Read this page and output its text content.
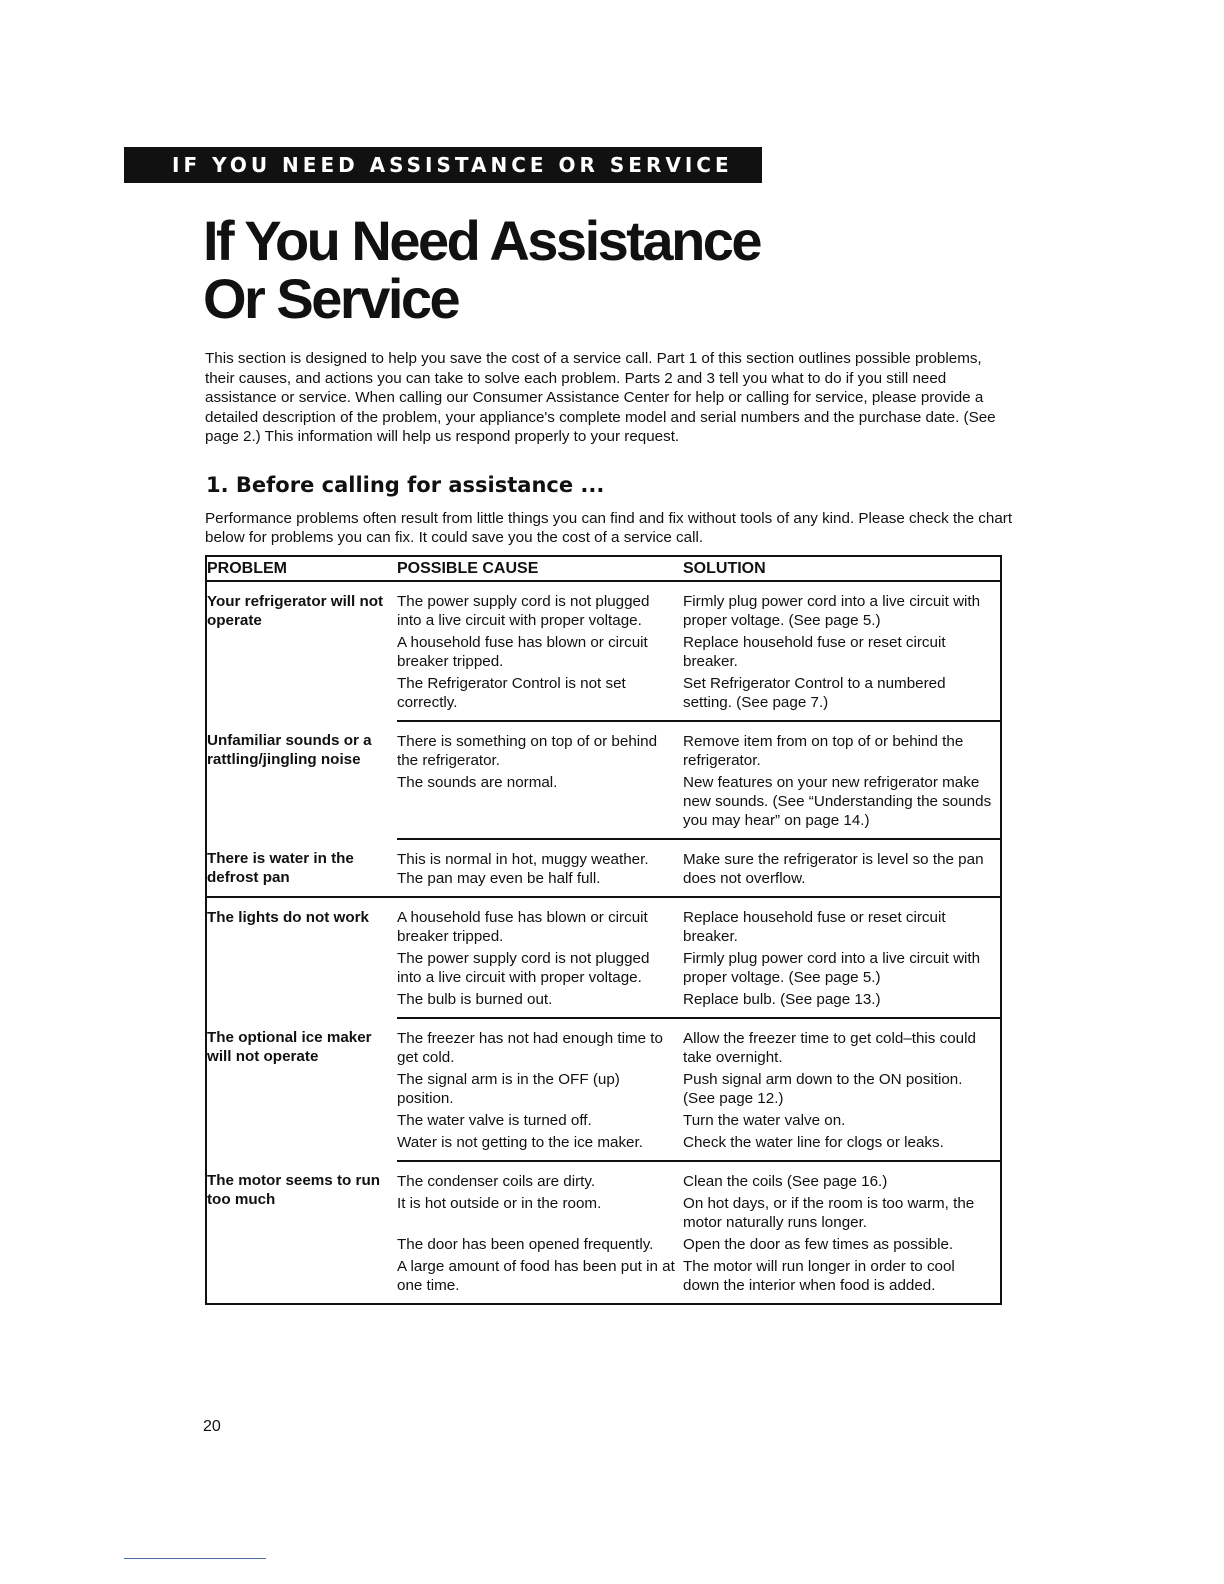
IF YOU NEED ASSISTANCE OR SERVICE
If You Need Assistance
Or Service

This section is designed to help you save the cost of a service call. Part 1 of this section outlines possible problems, their causes, and actions you can take to solve each problem. Parts 2 and 3 tell you what to do if you still need assistance or service. When calling our Consumer Assistance Center for help or calling for service, please provide a detailed description of the problem, your appliance's complete model and serial numbers and the purchase date. (See page 2.) This information will help us respond properly to your request.

1. Before calling for assistance ...

Performance problems often result from little things you can find and fix without tools of any kind. Please check the chart below for problems you can fix. It could save you the cost of a service call.

PROBLEM	POSSIBLE CAUSE	SOLUTION
Your refrigerator will not operate	The power supply cord is not plugged into a live circuit with proper voltage.	Firmly plug power cord into a live circuit with proper voltage. (See page 5.)
	A household fuse has blown or circuit breaker tripped.	Replace household fuse or reset circuit breaker.
	The Refrigerator Control is not set correctly.	Set Refrigerator Control to a numbered setting. (See page 7.)
Unfamiliar sounds or a rattling/jingling noise	There is something on top of or behind the refrigerator.	Remove item from on top of or behind the refrigerator.
	The sounds are normal.	New features on your new refrigerator make new sounds. (See “Understanding the sounds you may hear” on page 14.)
There is water in the defrost pan	This is normal in hot, muggy weather. The pan may even be half full.	Make sure the refrigerator is level so the pan does not overflow.
The lights do not work	A household fuse has blown or circuit breaker tripped.	Replace household fuse or reset circuit breaker.
	The power supply cord is not plugged into a live circuit with proper voltage.	Firmly plug power cord into a live circuit with proper voltage. (See page 5.)
	The bulb is burned out.	Replace bulb. (See page 13.)
The optional ice maker will not operate	The freezer has not had enough time to get cold.	Allow the freezer time to get cold–this could take overnight.
	The signal arm is in the OFF (up) position.	Push signal arm down to the ON position. (See page 12.)
	The water valve is turned off.	Turn the water valve on.
	Water is not getting to the ice maker.	Check the water line for clogs or leaks.
The motor seems to run too much	The condenser coils are dirty.	Clean the coils (See page 16.)
	It is hot outside or in the room.	On hot days, or if the room is too warm, the motor naturally runs longer.
	The door has been opened frequently.	Open the door as few times as possible.
	A large amount of food has been put in at one time.	The motor will run longer in order to cool down the interior when food is added.
20
